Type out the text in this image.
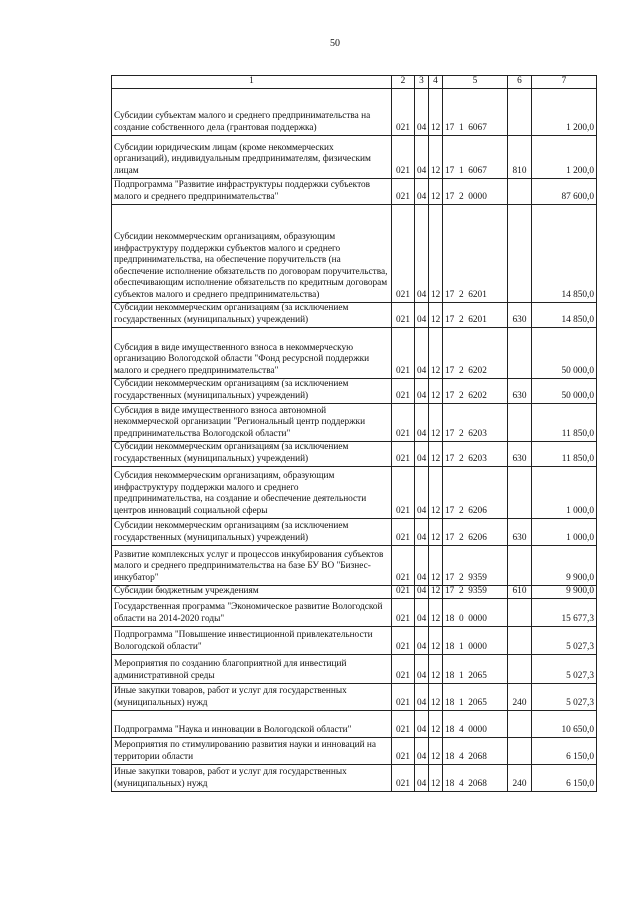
50
1	2	3	4	5	6	7
Субсидии субъектам малого и среднего предпринимательства на создание собственного дела (грантовая поддержка)	021	04	12	17  1  6067		1 200,0
Субсидии юридическим лицам (кроме некоммерческих организаций), индивидуальным предпринимателям, физическим лицам	021	04	12	17  1  6067	810	1 200,0
Подпрограмма "Развитие инфраструктуры поддержки субъектов малого и среднего предпринимательства"	021	04	12	17  2  0000		87 600,0
Субсидии некоммерческим организациям, образующим инфраструктуру поддержки субъектов малого и среднего предпринимательства, на обеспечение поручительств (на обеспечение исполнение обязательств по договорам поручительства, обеспечивающим исполнение обязательств по кредитным договорам субъектов малого и среднего предпринимательства)	021	04	12	17  2  6201		14 850,0
Субсидии некоммерческим организациям (за исключением государственных (муниципальных) учреждений)	021	04	12	17  2  6201	630	14 850,0
Субсидия в виде имущественного взноса в некоммерческую организацию Вологодской области "Фонд ресурсной поддержки малого и среднего предпринимательства"	021	04	12	17  2  6202		50 000,0
Субсидии некоммерческим организациям (за исключением государственных (муниципальных) учреждений)	021	04	12	17  2  6202	630	50 000,0
Субсидия в виде имущественного взноса автономной некоммерческой организации "Региональный центр поддержки предпринимательства Вологодской области"	021	04	12	17  2  6203		11 850,0
Субсидии некоммерческим организациям (за исключением государственных (муниципальных) учреждений)	021	04	12	17  2  6203	630	11 850,0
Субсидия некоммерческим организациям, образующим инфраструктуру поддержки малого и среднего предпринимательства, на создание и обеспечение деятельности центров инноваций социальной сферы	021	04	12	17  2  6206		1 000,0
Субсидии некоммерческим организациям (за исключением государственных (муниципальных) учреждений)	021	04	12	17  2  6206	630	1 000,0
Развитие комплексных услуг и процессов инкубирования субъектов малого и среднего предпринимательства на базе БУ ВО "Бизнес-инкубатор"	021	04	12	17  2  9359		9 900,0
Субсидии бюджетным учреждениям	021	04	12	17  2  9359	610	9 900,0
Государственная программа "Экономическое развитие Вологодской области на 2014-2020 годы"	021	04	12	18  0  0000		15 677,3
Подпрограмма "Повышение инвестиционной привлекательности Вологодской области"	021	04	12	18  1  0000		5 027,3
Мероприятия по созданию благоприятной для инвестиций административной среды	021	04	12	18  1  2065		5 027,3
Иные закупки товаров, работ и услуг для государственных (муниципальных) нужд	021	04	12	18  1  2065	240	5 027,3
Подпрограмма "Наука и инновации в Вологодской области"	021	04	12	18  4  0000		10 650,0
Мероприятия по стимулированию развития науки и инноваций на территории области	021	04	12	18  4  2068		6 150,0
Иные закупки товаров, работ и услуг для государственных (муниципальных) нужд	021	04	12	18  4  2068	240	6 150,0
